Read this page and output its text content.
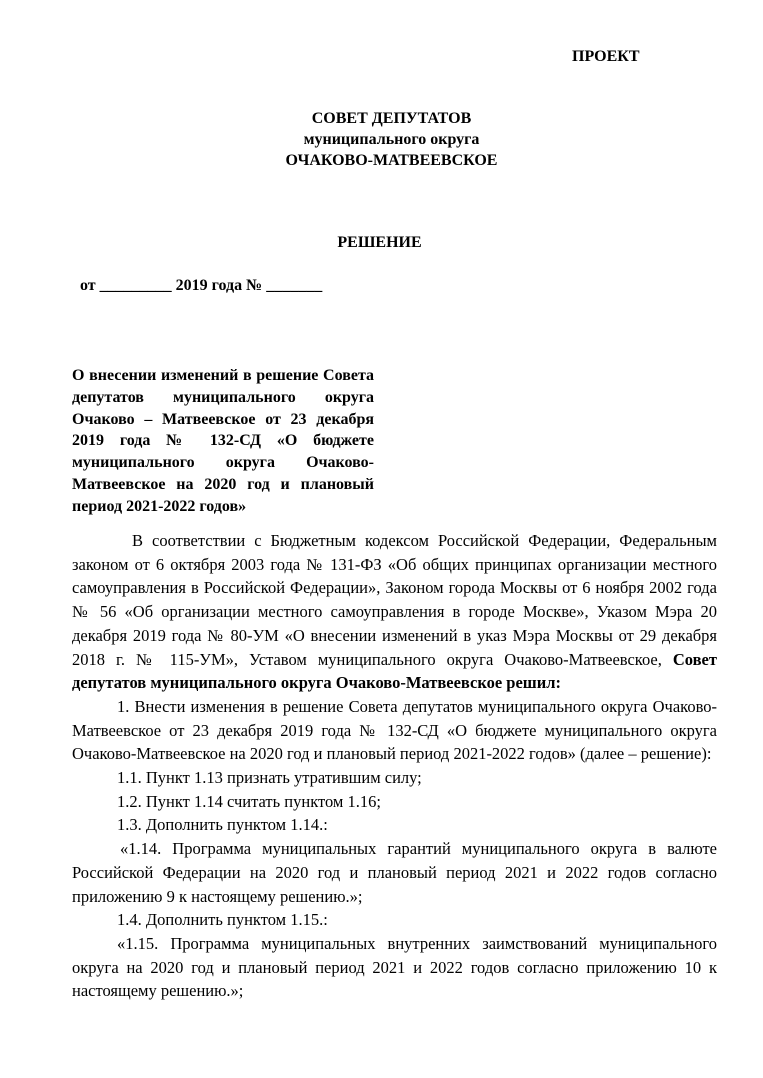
ПРОЕКТ
СОВЕТ ДЕПУТАТОВ
муниципального округа
ОЧАКОВО-МАТВЕЕВСКОЕ
РЕШЕНИЕ
от _________ 2019 года № _______
О внесении изменений в решение Совета депутатов муниципального округа Очаково – Матвеевское от 23 декабря 2019 года № 132-СД «О бюджете муниципального округа Очаково-Матвеевское на 2020 год и плановый период 2021-2022 годов»

В соответствии с Бюджетным кодексом Российской Федерации, Федеральным законом от 6 октября 2003 года № 131-ФЗ «Об общих принципах организации местного самоуправления в Российской Федерации», Законом города Москвы от 6 ноября 2002 года № 56 «Об организации местного самоуправления в городе Москве», Указом Мэра 20 декабря 2019 года № 80-УМ «О внесении изменений в указ Мэра Москвы от 29 декабря 2018 г. № 115-УМ», Уставом муниципального округа Очаково-Матвеевское, Совет депутатов муниципального округа Очаково-Матвеевское решил:

1. Внести изменения в решение Совета депутатов муниципального округа Очаково-Матвеевское от 23 декабря 2019 года № 132-СД «О бюджете муниципального округа Очаково-Матвеевское на 2020 год и плановый период 2021-2022 годов» (далее – решение):

1.1. Пункт 1.13 признать утратившим силу;

1.2. Пункт 1.14 считать пунктом 1.16;

1.3. Дополнить пунктом 1.14.:

«1.14. Программа муниципальных гарантий муниципального округа в валюте Российской Федерации на 2020 год и плановый период 2021 и 2022 годов согласно приложению 9 к настоящему решению.»;

1.4. Дополнить пунктом 1.15.:

«1.15. Программа муниципальных внутренних заимствований муниципального округа на 2020 год и плановый период 2021 и 2022 годов согласно приложению 10 к настоящему решению.»;
